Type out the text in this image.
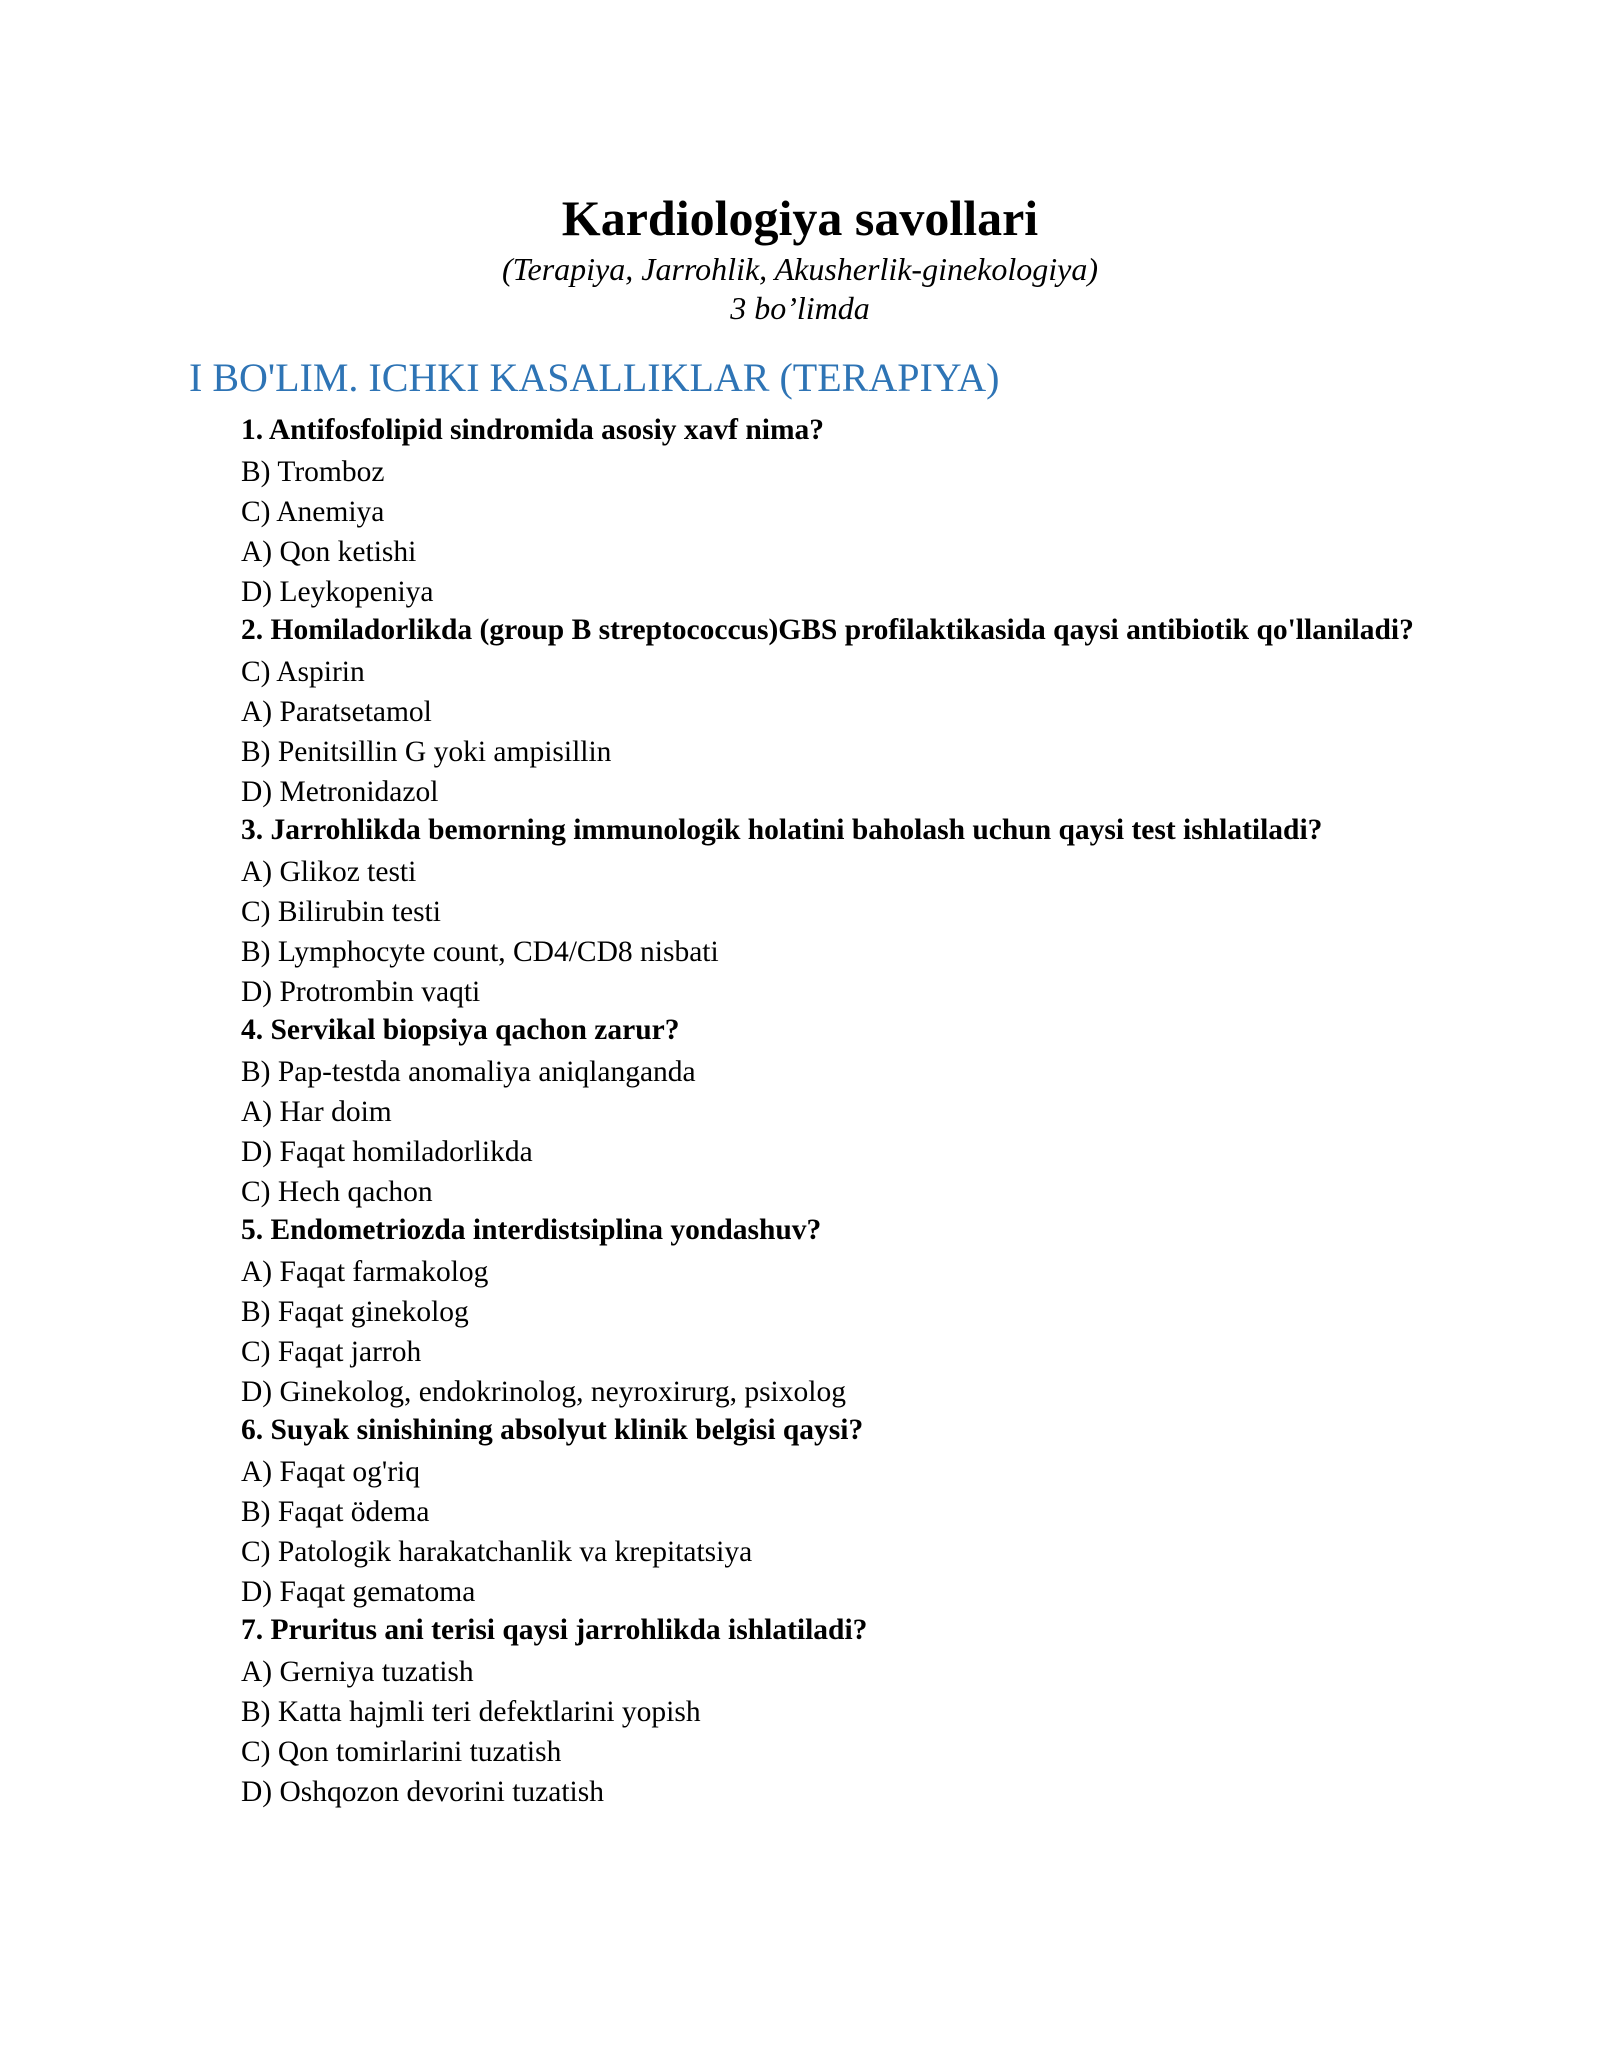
Kardiologiya savollari
(Terapiya, Jarrohlik, Akusherlik-ginekologiya)
3 bo’limda
I BO'LIM. ICHKI KASALLIKLAR (TERAPIYA)
1. Antifosfolipid sindromida asosiy xavf nima?
B) Tromboz
C) Anemiya
A) Qon ketishi
D) Leykopeniya
2. Homiladorlikda (group B streptococcus)GBS profilaktikasida qaysi antibiotik qo'llaniladi?
C) Aspirin
A) Paratsetamol
B) Penitsillin G yoki ampisillin
D) Metronidazol
3. Jarrohlikda bemorning immunologik holatini baholash uchun qaysi test ishlatiladi?
A) Glikoz testi
C) Bilirubin testi
B) Lymphocyte count, CD4/CD8 nisbati
D) Protrombin vaqti
4. Servikal biopsiya qachon zarur?
B) Pap-testda anomaliya aniqlanganda
A) Har doim
D) Faqat homiladorlikda
C) Hech qachon
5. Endometriozda interdistsiplina yondashuv?
A) Faqat farmakolog
B) Faqat ginekolog
C) Faqat jarroh
D) Ginekolog, endokrinolog, neyroxirurg, psixolog
6. Suyak sinishining absolyut klinik belgisi qaysi?
A) Faqat og'riq
B) Faqat ödema
C) Patologik harakatchanlik va krepitatsiya
D) Faqat gematoma
7. Pruritus ani terisi qaysi jarrohlikda ishlatiladi?
A) Gerniya tuzatish
B) Katta hajmli teri defektlarini yopish
C) Qon tomirlarini tuzatish
D) Oshqozon devorini tuzatish
